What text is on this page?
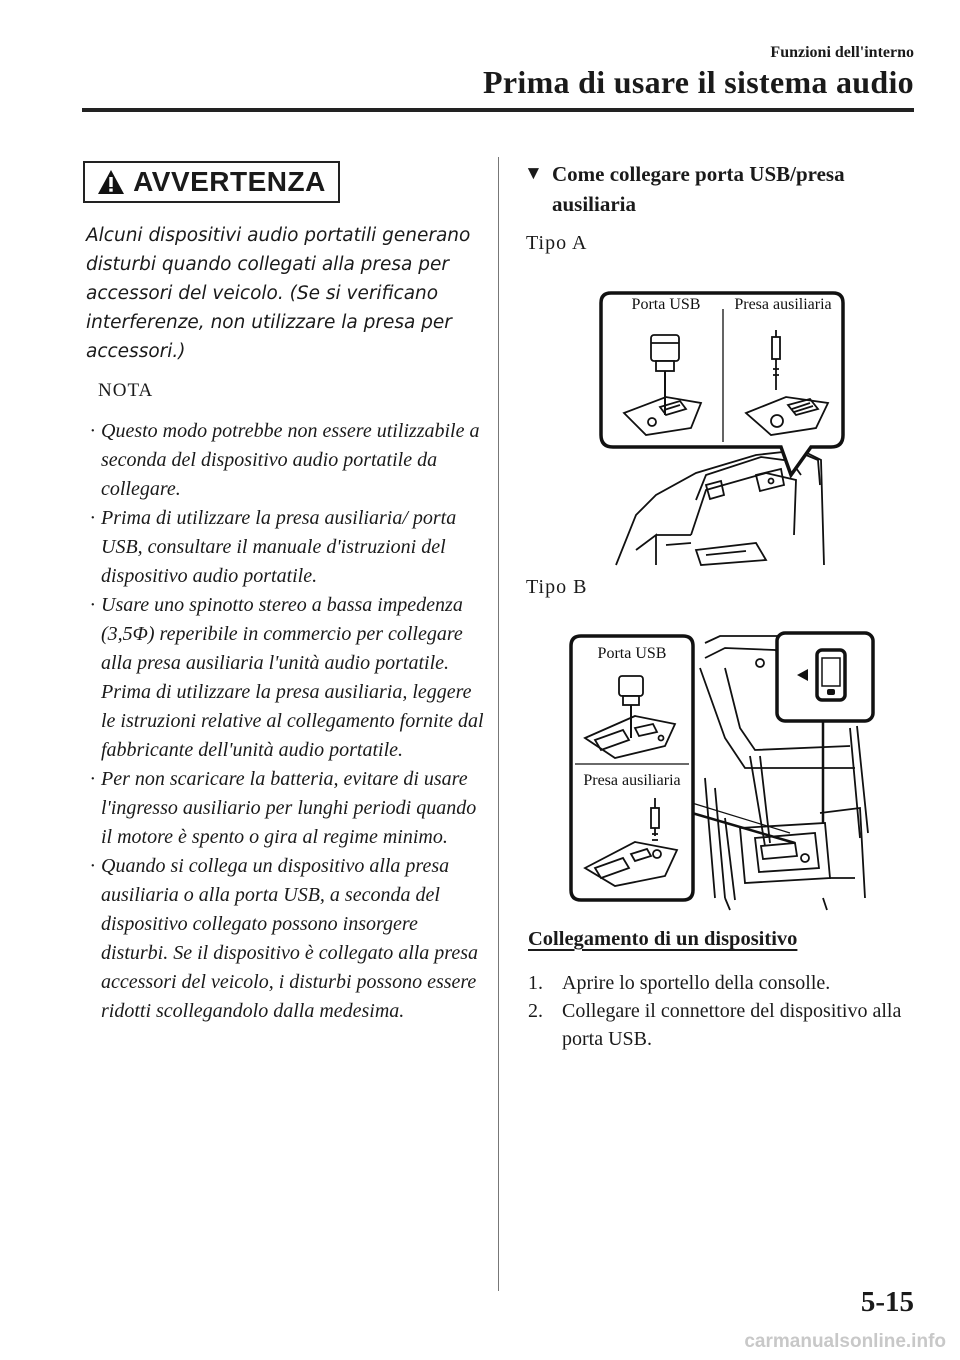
Funzioni dell'interno
Prima di usare il sistema audio
AVVERTENZA
Alcuni dispositivi audio portatili generano disturbi quando collegati alla presa per accessori del veicolo. (Se si verificano interferenze, non utilizzare la presa per accessori.)
NOTA
· Questo modo potrebbe non essere utilizzabile a seconda del dispositivo audio portatile da collegare.
· Prima di utilizzare la presa ausiliaria/ porta USB, consultare il manuale d'istruzioni del dispositivo audio portatile.
· Usare uno spinotto stereo a bassa impedenza (3,5Φ) reperibile in commercio per collegare alla presa ausiliaria l'unità audio portatile. Prima di utilizzare la presa ausiliaria, leggere le istruzioni relative al collegamento fornite dal fabbricante dell'unità audio portatile.
· Per non scaricare la batteria, evitare di usare l'ingresso ausiliario per lunghi periodi quando il motore è spento o gira al regime minimo.
· Quando si collega un dispositivo alla presa ausiliaria o alla porta USB, a seconda del dispositivo collegato possono insorgere disturbi. Se il dispositivo è collegato alla presa accessori del veicolo, i disturbi possono essere ridotti scollegandolo dalla medesima.
▼ Come collegare porta USB/presa ausiliaria
Tipo A
Porta USB Presa ausiliaria
Tipo B
Porta USB
Presa ausiliaria
Collegamento di un dispositivo
1. Aprire lo sportello della consolle.
2. Collegare il connettore del dispositivo alla porta USB.
5-15
carmanualsonline.info
